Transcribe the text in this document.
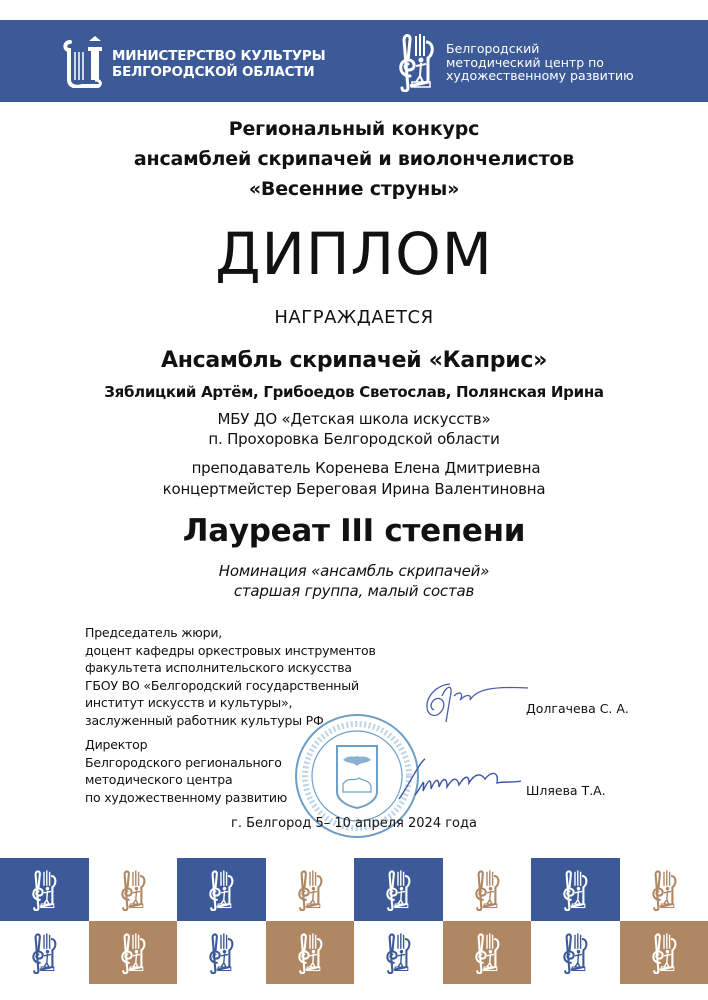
МИНИСТЕРСТВО КУЛЬТУРЫ
БЕЛГОРОДСКОЙ ОБЛАСТИ
Белгородский
методический центр по
художественному развитию
Региональный конкурс
ансамблей скрипачей и виолончелистов
«Весенние струны»
ДИПЛОМ
НАГРАЖДАЕТСЯ
Ансамбль скрипачей «Каприс»
Зяблицкий Артём, Грибоедов Светослав, Полянская Ирина
МБУ ДО «Детская школа искусств»
п. Прохоровка Белгородской области
преподаватель Коренева Елена Дмитриевна
концертмейстер Береговая Ирина Валентиновна
Лауреат III степени
Номинация «ансамбль скрипачей»
старшая группа, малый состав
Председатель жюри,
доцент кафедры оркестровых инструментов
факультета исполнительского искусства
ГБОУ ВО «Белгородский государственный
институт искусств и культуры»,
заслуженный работник культуры РФ
Долгачева С. А.
Директор
Белгородского регионального
методического центра
по художественному развитию	Шляева Т.А.
г. Белгород 5– 10 апреля 2024 года
